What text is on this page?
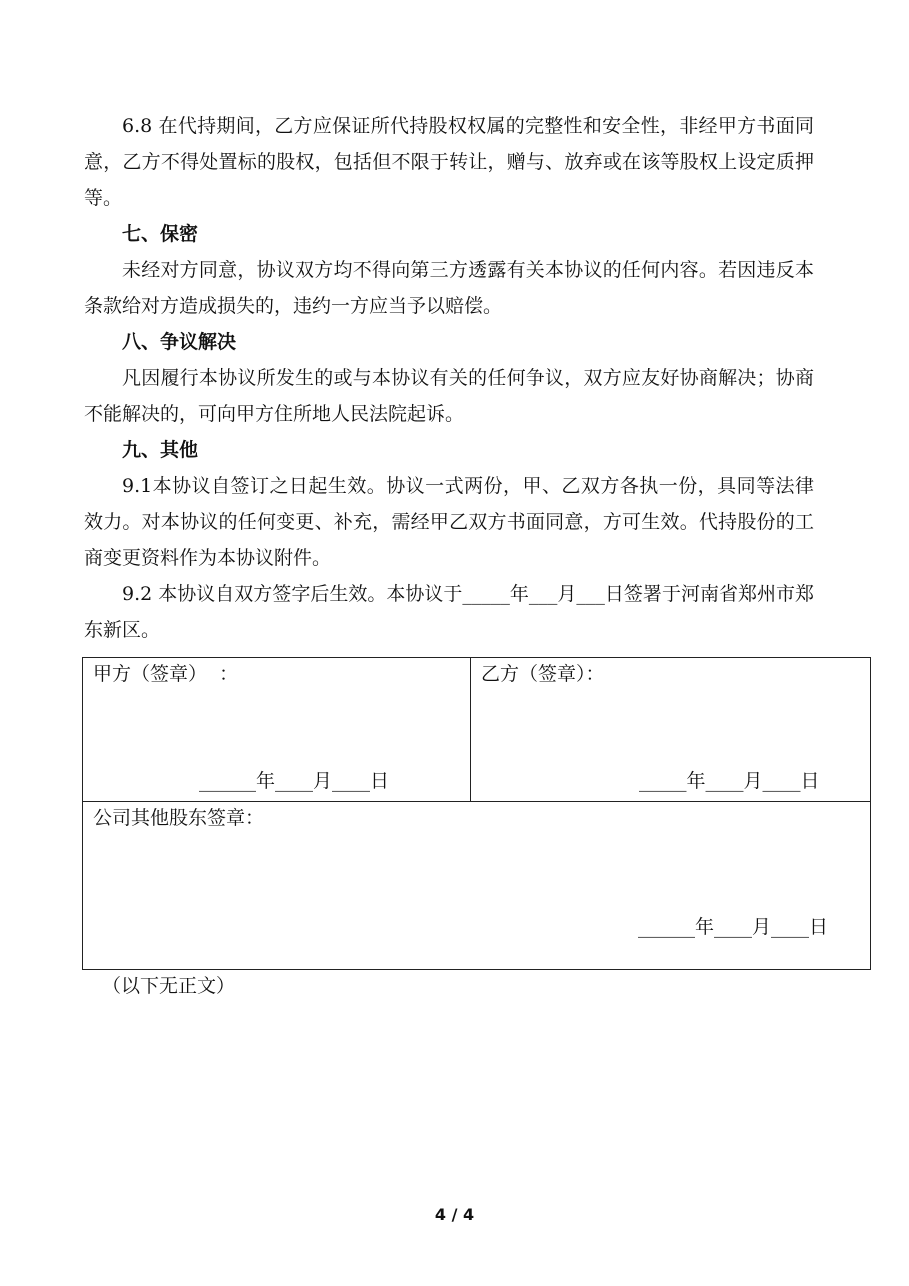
6.8 在代持期间，乙方应保证所代持股权权属的完整性和安全性，非经甲方书面同意，乙方不得处置标的股权，包括但不限于转让，赠与、放弃或在该等股权上设定质押等。

七、保密

未经对方同意，协议双方均不得向第三方透露有关本协议的任何内容。若因违反本条款给对方造成损失的，违约一方应当予以赔偿。

八、争议解决

凡因履行本协议所发生的或与本协议有关的任何争议，双方应友好协商解决；协商不能解决的，可向甲方住所地人民法院起诉。

九、其他

9.1本协议自签订之日起生效。协议一式两份，甲、乙双方各执一份，具同等法律效力。对本协议的任何变更、补充，需经甲乙双方书面同意，方可生效。代持股份的工商变更资料作为本协议附件。

9.2 本协议自双方签字后生效。本协议于_____年___月___日签署于河南省郑州市郑东新区。

甲方（签章）  ：
______年____月____日

乙方（签章）：
_____年____月____日

公司其他股东签章：
______年____月____日
（以下无正文）
4 / 4
